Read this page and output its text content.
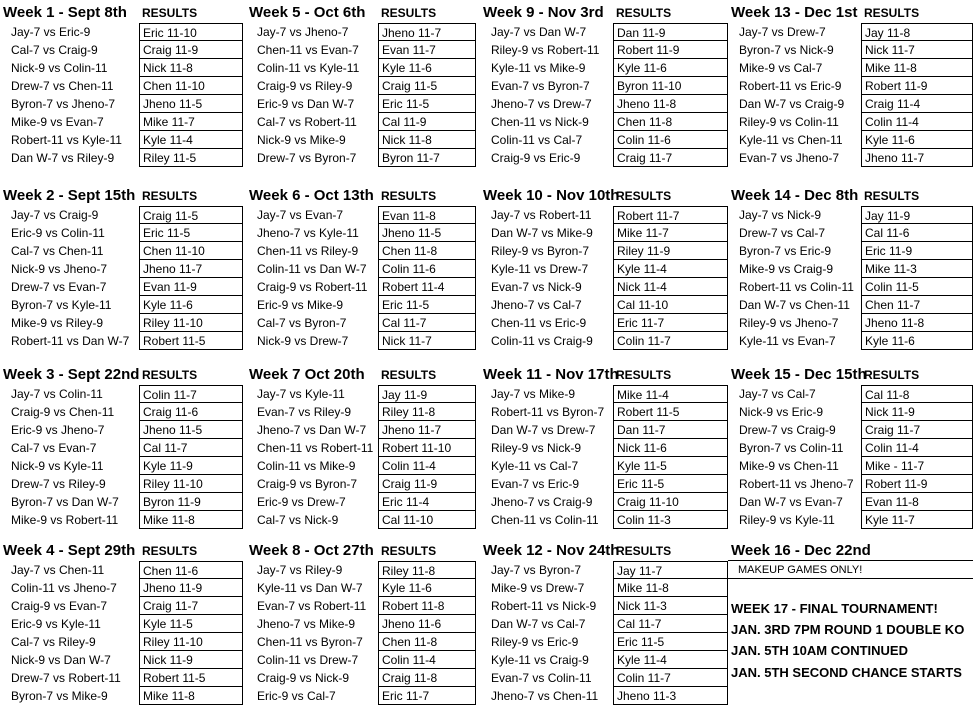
Week 1 - Sept 8th RESULTS
Jay-7 vs Eric-9	Eric 11-10
Cal-7 vs Craig-9	Craig 11-9
Nick-9 vs Colin-11	Nick 11-8
Drew-7 vs Chen-11	Chen 11-10
Byron-7 vs Jheno-7	Jheno 11-5
Mike-9 vs Evan-7	Mike 11-7
Robert-11 vs Kyle-11	Kyle 11-4
Dan W-7 vs Riley-9	Riley 11-5
Week 5 - Oct 6th RESULTS
Jay-7 vs Jheno-7	Jheno 11-7
Chen-11 vs Evan-7	Evan 11-7
Colin-11 vs Kyle-11	Kyle 11-6
Craig-9 vs Riley-9	Craig 11-5
Eric-9 vs Dan W-7	Eric 11-5
Cal-7 vs Robert-11	Cal 11-9
Nick-9 vs Mike-9	Nick 11-8
Drew-7 vs Byron-7	Byron 11-7
Week 9 - Nov 3rd RESULTS
Jay-7 vs Dan W-7	Dan 11-9
Riley-9 vs Robert-11	Robert 11-9
Kyle-11 vs Mike-9	Kyle 11-6
Evan-7 vs Byron-7	Byron 11-10
Jheno-7 vs Drew-7	Jheno 11-8
Chen-11 vs Nick-9	Chen 11-8
Colin-11 vs Cal-7	Colin 11-6
Craig-9 vs Eric-9	Craig 11-7
Week 13 - Dec 1st RESULTS
Jay-7 vs Drew-7	Jay 11-8
Byron-7 vs Nick-9	Nick 11-7
Mike-9 vs Cal-7	Mike 11-8
Robert-11 vs Eric-9	Robert 11-9
Dan W-7 vs Craig-9	Craig 11-4
Riley-9 vs Colin-11	Colin 11-4
Kyle-11 vs Chen-11	Kyle 11-6
Evan-7 vs Jheno-7	Jheno 11-7
Week 2 - Sept 15th RESULTS
Jay-7 vs Craig-9	Craig 11-5
Eric-9 vs Colin-11	Eric 11-5
Cal-7 vs Chen-11	Chen 11-10
Nick-9 vs Jheno-7	Jheno 11-7
Drew-7 vs Evan-7	Evan 11-9
Byron-7 vs Kyle-11	Kyle 11-6
Mike-9 vs Riley-9	Riley 11-10
Robert-11 vs Dan W-7	Robert 11-5
Week 6 - Oct 13th RESULTS
Jay-7 vs Evan-7	Evan 11-8
Jheno-7 vs Kyle-11	Jheno 11-5
Chen-11 vs Riley-9	Chen 11-8
Colin-11 vs Dan W-7	Colin 11-6
Craig-9 vs Robert-11	Robert 11-4
Eric-9 vs Mike-9	Eric 11-5
Cal-7 vs Byron-7	Cal 11-7
Nick-9 vs Drew-7	Nick 11-7
Week 10 - Nov 10th
RESULTS
Jay-7 vs Robert-11	Robert 11-7
Dan W-7 vs Mike-9	Mike 11-7
Riley-9 vs Byron-7	Riley 11-9
Kyle-11 vs Drew-7	Kyle 11-4
Evan-7 vs Nick-9	Nick 11-4
Jheno-7 vs Cal-7	Cal 11-10
Chen-11 vs Eric-9	Eric 11-7
Colin-11 vs Craig-9	Colin 11-7
Week 14 - Dec 8th RESULTS
Jay-7 vs Nick-9	Jay 11-9
Drew-7 vs Cal-7	Cal 11-6
Byron-7 vs Eric-9	Eric 11-9
Mike-9 vs Craig-9	Mike 11-3
Robert-11 vs Colin-11 Colin 11-5
Dan W-7 vs Chen-11	Chen 11-7
Riley-9 vs Jheno-7	Jheno 11-8
Kyle-11 vs Evan-7	Kyle 11-6
Week 3 - Sept 22nd RESULTS
Jay-7 vs Colin-11	Colin 11-7
Craig-9 vs Chen-11	Craig 11-6
Eric-9 vs Jheno-7	Jheno 11-5
Cal-7 vs Evan-7	Cal 11-7
Nick-9 vs Kyle-11	Kyle 11-9
Drew-7 vs Riley-9	Riley 11-10
Byron-7 vs Dan W-7	Byron 11-9
Mike-9 vs Robert-11	Mike 11-8
Week 7 Oct 20th RESULTS
Jay-7 vs Kyle-11	Jay 11-9
Evan-7 vs Riley-9	Riley 11-8
Jheno-7 vs Dan W-7	Jheno 11-7
Chen-11 vs Robert-11 Robert 11-10
Colin-11 vs Mike-9	Colin 11-4
Craig-9 vs Byron-7	Craig 11-9
Eric-9 vs Drew-7	Eric 11-4
Cal-7 vs Nick-9	Cal 11-10
Week 11 - Nov 17th
RESULTS
Jay-7 vs Mike-9	Mike 11-4
Robert-11 vs Byron-7	Robert 11-5
Dan W-7 vs Drew-7	Dan 11-7
Riley-9 vs Nick-9	Nick 11-6
Kyle-11 vs Cal-7	Kyle 11-5
Evan-7 vs Eric-9	Eric 11-5
Jheno-7 vs Craig-9	Craig 11-10
Chen-11 vs Colin-11	Colin 11-3
Week 15 - Dec 15th
RESULTS
Jay-7 vs Cal-7	Cal 11-8
Nick-9 vs Eric-9	Nick 11-9
Drew-7 vs Craig-9	Craig 11-7
Byron-7 vs Colin-11	Colin 11-4
Mike-9 vs Chen-11	Mike - 11-7
Robert-11 vs Jheno-7 Robert 11-9
Dan W-7 vs Evan-7	Evan 11-8
Riley-9 vs Kyle-11	Kyle 11-7
Week 4 - Sept 29th RESULTS
Jay-7 vs Chen-11	Chen 11-6
Colin-11 vs Jheno-7	Jheno 11-9
Craig-9 vs Evan-7	Craig 11-7
Eric-9 vs Kyle-11	Kyle 11-5
Cal-7 vs Riley-9	Riley 11-10
Nick-9 vs Dan W-7	Nick 11-9
Drew-7 vs Robert-11	Robert 11-5
Byron-7 vs Mike-9	Mike 11-8
Week 8 - Oct 27th RESULTS
Jay-7 vs Riley-9	Riley 11-8
Kyle-11 vs Dan W-7	Kyle 11-6
Evan-7 vs Robert-11	Robert 11-8
Jheno-7 vs Mike-9	Jheno 11-6
Chen-11 vs Byron-7	Chen 11-8
Colin-11 vs Drew-7	Colin 11-4
Craig-9 vs Nick-9	Craig 11-8
Eric-9 vs Cal-7	Eric 11-7
Week 12 - Nov 24th
RESULTS
Jay-7 vs Byron-7	Jay 11-7
Mike-9 vs Drew-7	Mike 11-8
Robert-11 vs Nick-9	Nick 11-3
Dan W-7 vs Cal-7	Cal 11-7
Riley-9 vs Eric-9	Eric 11-5
Kyle-11 vs Craig-9	Kyle 11-4
Evan-7 vs Colin-11	Colin 11-7
Jheno-7 vs Chen-11	Jheno 11-3
Week 16 - Dec 22nd
MAKEUP GAMES ONLY!
WEEK 17 - FINAL TOURNAMENT!
JAN. 3RD 7PM ROUND 1 DOUBLE KO
JAN. 5TH 10AM CONTINUED
JAN. 5TH SECOND CHANCE STARTS
